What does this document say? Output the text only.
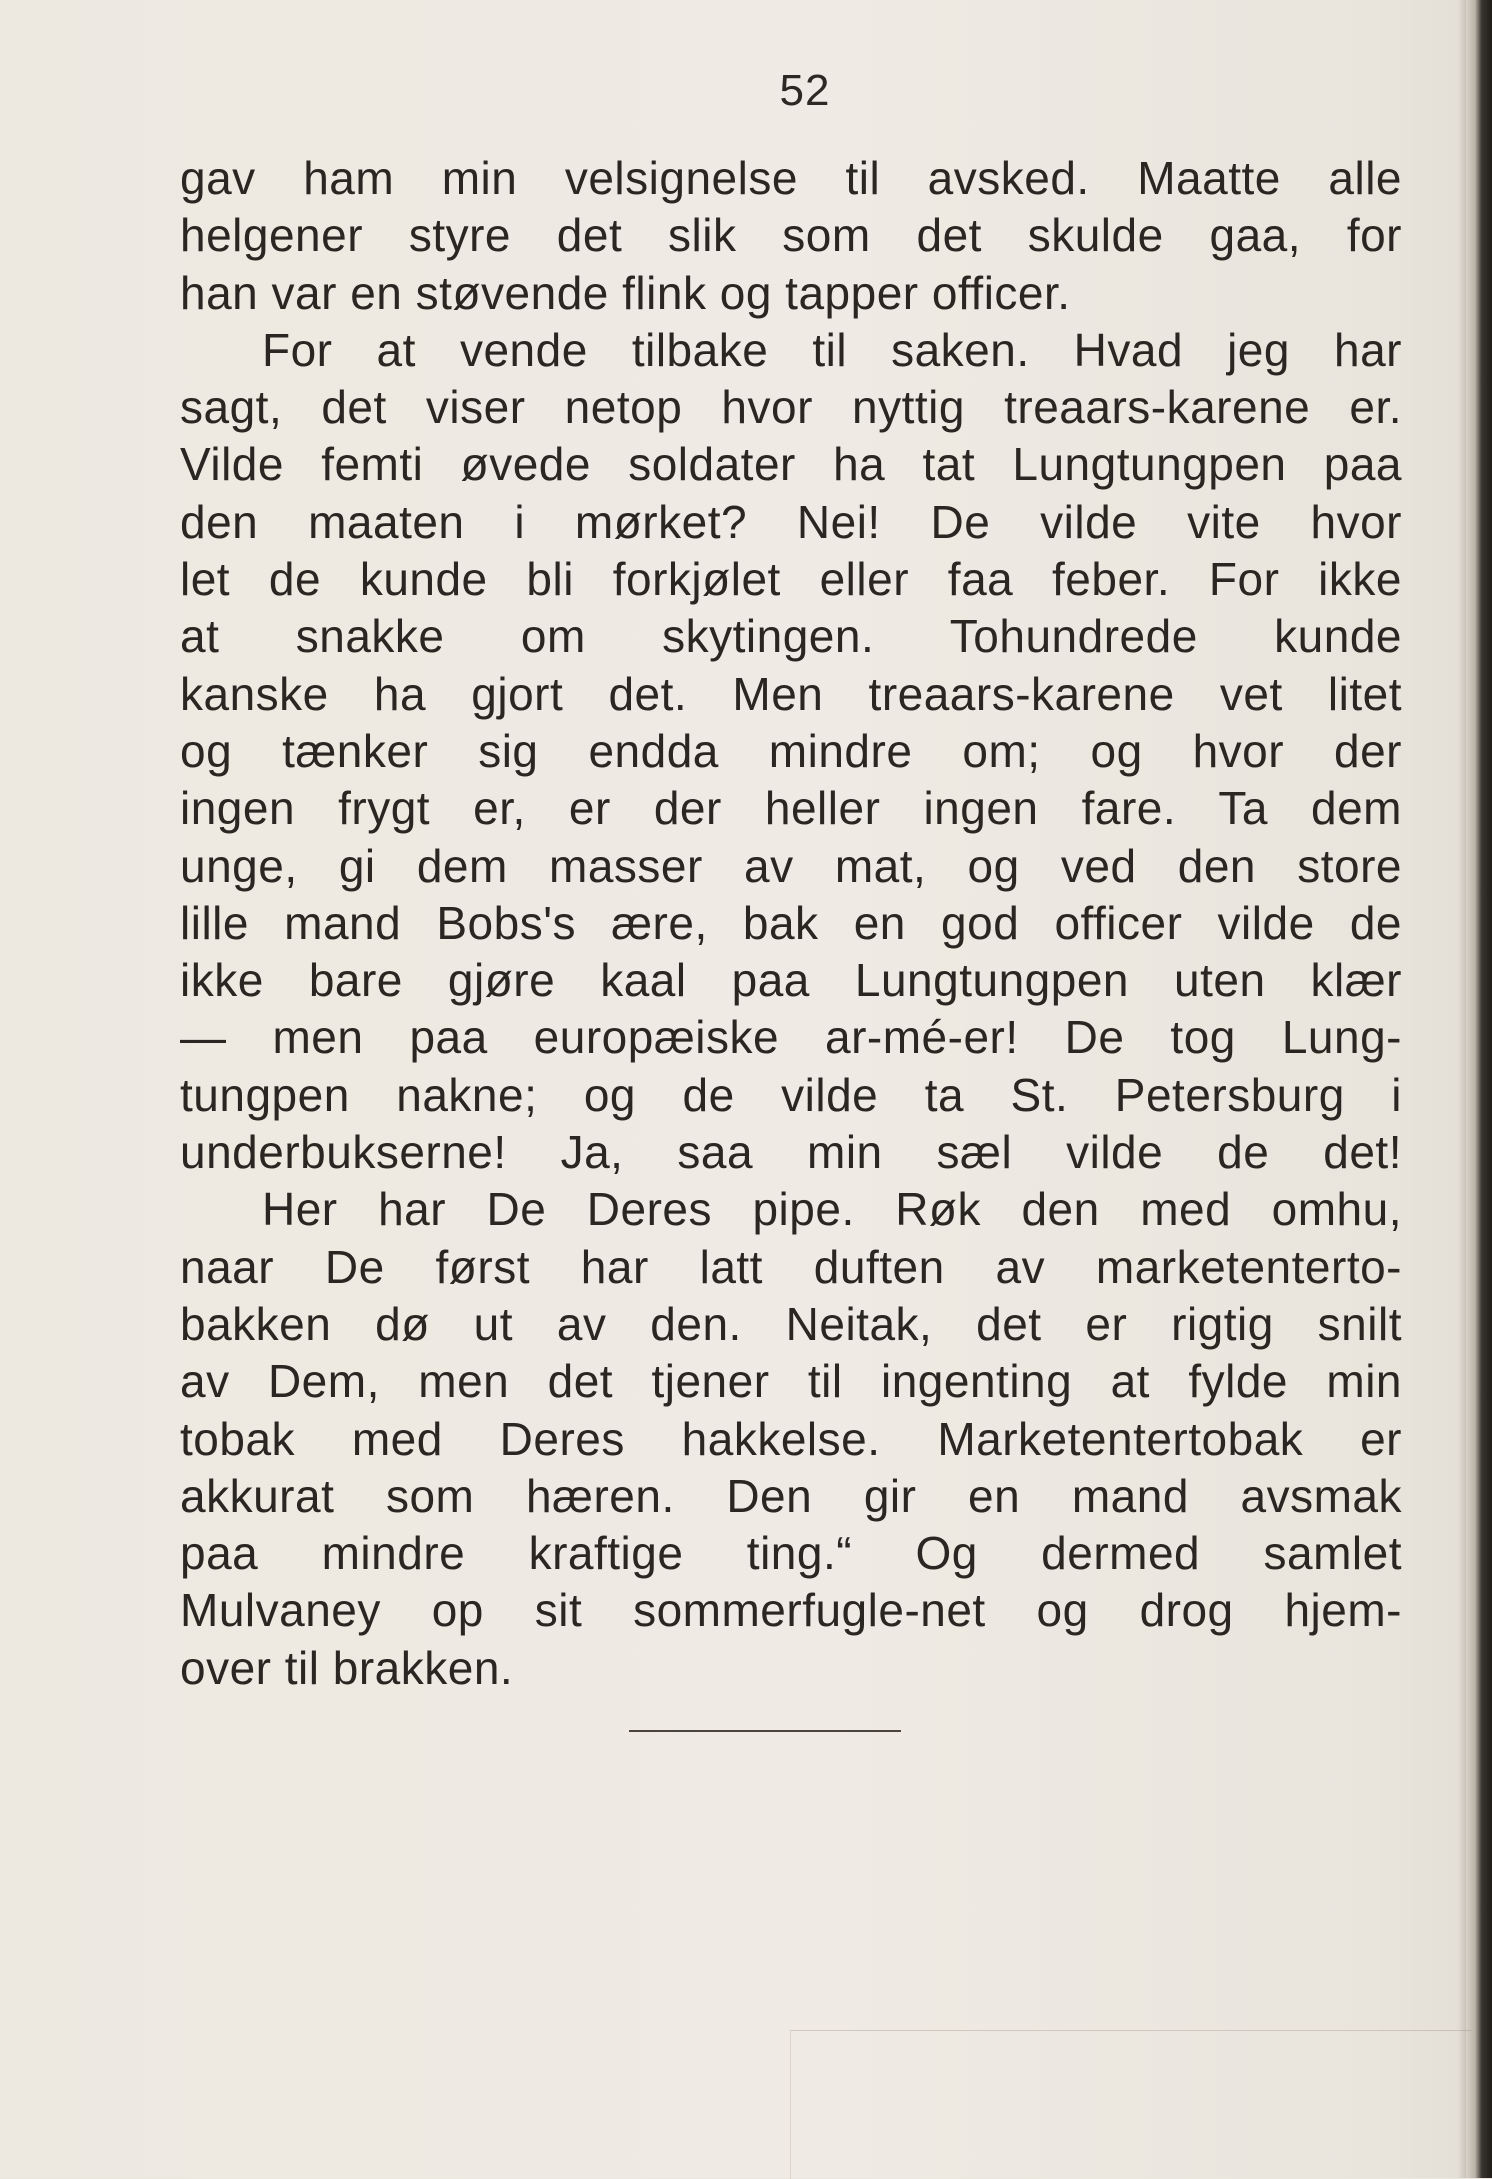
52
gav ham min velsignelse til avsked. Maatte alle
helgener styre det slik som det skulde gaa, for
han var en støvende flink og tapper officer.
For at vende tilbake til saken. Hvad jeg har
sagt, det viser netop hvor nyttig treaars-karene er.
Vilde femti øvede soldater ha tat Lungtungpen paa
den maaten i mørket? Nei! De vilde vite hvor
let de kunde bli forkjølet eller faa feber. For ikke
at snakke om skytingen. Tohundrede kunde
kanske ha gjort det. Men treaars-karene vet litet
og tænker sig endda mindre om; og hvor der
ingen frygt er, er der heller ingen fare. Ta dem
unge, gi dem masser av mat, og ved den store
lille mand Bobs's ære, bak en god officer vilde de
ikke bare gjøre kaal paa Lungtungpen uten klær
— men paa europæiske ar-mé-er! De tog Lung-
tungpen nakne; og de vilde ta St. Petersburg i
underbukserne! Ja, saa min sæl vilde de det!
Her har De Deres pipe. Røk den med omhu,
naar De først har latt duften av marketenterto-
bakken dø ut av den. Neitak, det er rigtig snilt
av Dem, men det tjener til ingenting at fylde min
tobak med Deres hakkelse. Marketentertobak er
akkurat som hæren. Den gir en mand avsmak
paa mindre kraftige ting.“ Og dermed samlet
Mulvaney op sit sommerfugle-net og drog hjem-
over til brakken.
